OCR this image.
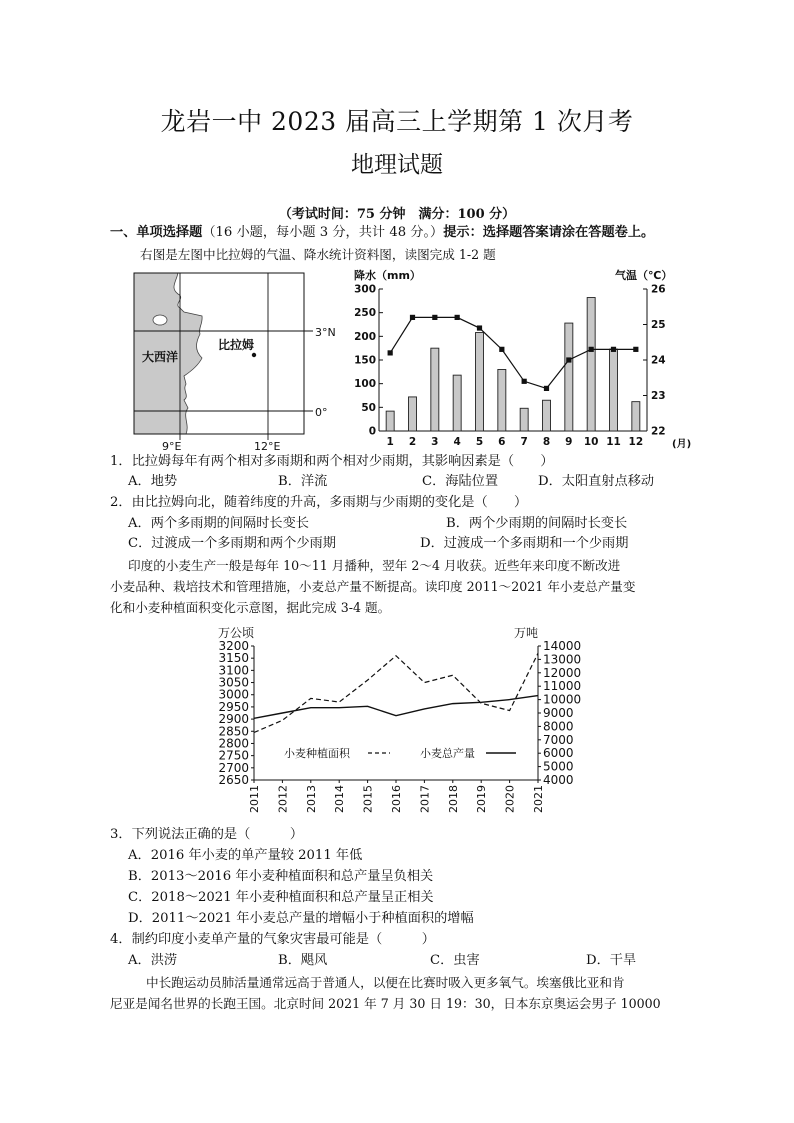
龙岩一中 2023 届高三上学期第 1 次月考
地理试题
（考试时间：75 分钟　满分：100 分）
一、单项选择题（16 小题，每小题 3 分，共计 48 分。）提示：选择题答案请涂在答题卷上。
右图是左图中比拉姆的气温、降水统计资料图，读图完成 1-2 题
大西洋
比拉姆
3°N
0°
9°E	12°E
降水（mm）	气温（℃）
0
50
100
150
200
250
300
22
23
24
25
26
1 2 3 4 5 6 7 8 9 10 11 12	(月)
1．比拉姆每年有两个相对多雨期和两个相对少雨期，其影响因素是（　　）
A．地势	B．洋流	C．海陆位置	D．太阳直射点移动
2．由比拉姆向北，随着纬度的升高，多雨期与少雨期的变化是（　　）
A．两个多雨期的间隔时长变长	B．两个少雨期的间隔时长变长
C．过渡成一个多雨期和两个少雨期	D．过渡成一个多雨期和一个少雨期
印度的小麦生产一般是每年 10～11 月播种，翌年 2～4 月收获。近些年来印度不断改进
小麦品种、栽培技术和管理措施，小麦总产量不断提高。读印度 2011～2021 年小麦总产量变
化和小麦种植面积变化示意图，据此完成 3-4 题。
万公顷	万吨
2650
2700
2750
2800
2850
2900
2950
3000
3050
3100
3150
3200
4000
5000
6000
7000
8000
9000
10000
11000
12000
13000
14000
2011 2012 2013 2014 2015 2016 2017 2018 2019 2020 2021
小麦种植面积	小麦总产量
3．下列说法正确的是（　　　）
A．2016 年小麦的单产量较 2011 年低
B．2013～2016 年小麦种植面积和总产量呈负相关
C．2018～2021 年小麦种植面积和总产量呈正相关
D．2011～2021 年小麦总产量的增幅小于种植面积的增幅
4．制约印度小麦单产量的气象灾害最可能是（　　　）
A．洪涝	B．飓风	C．虫害	D．干旱
中长跑运动员肺活量通常远高于普通人，以便在比赛时吸入更多氧气。埃塞俄比亚和肯
尼亚是闻名世界的长跑王国。北京时间 2021 年 7 月 30 日 19：30，日本东京奥运会男子 10000
